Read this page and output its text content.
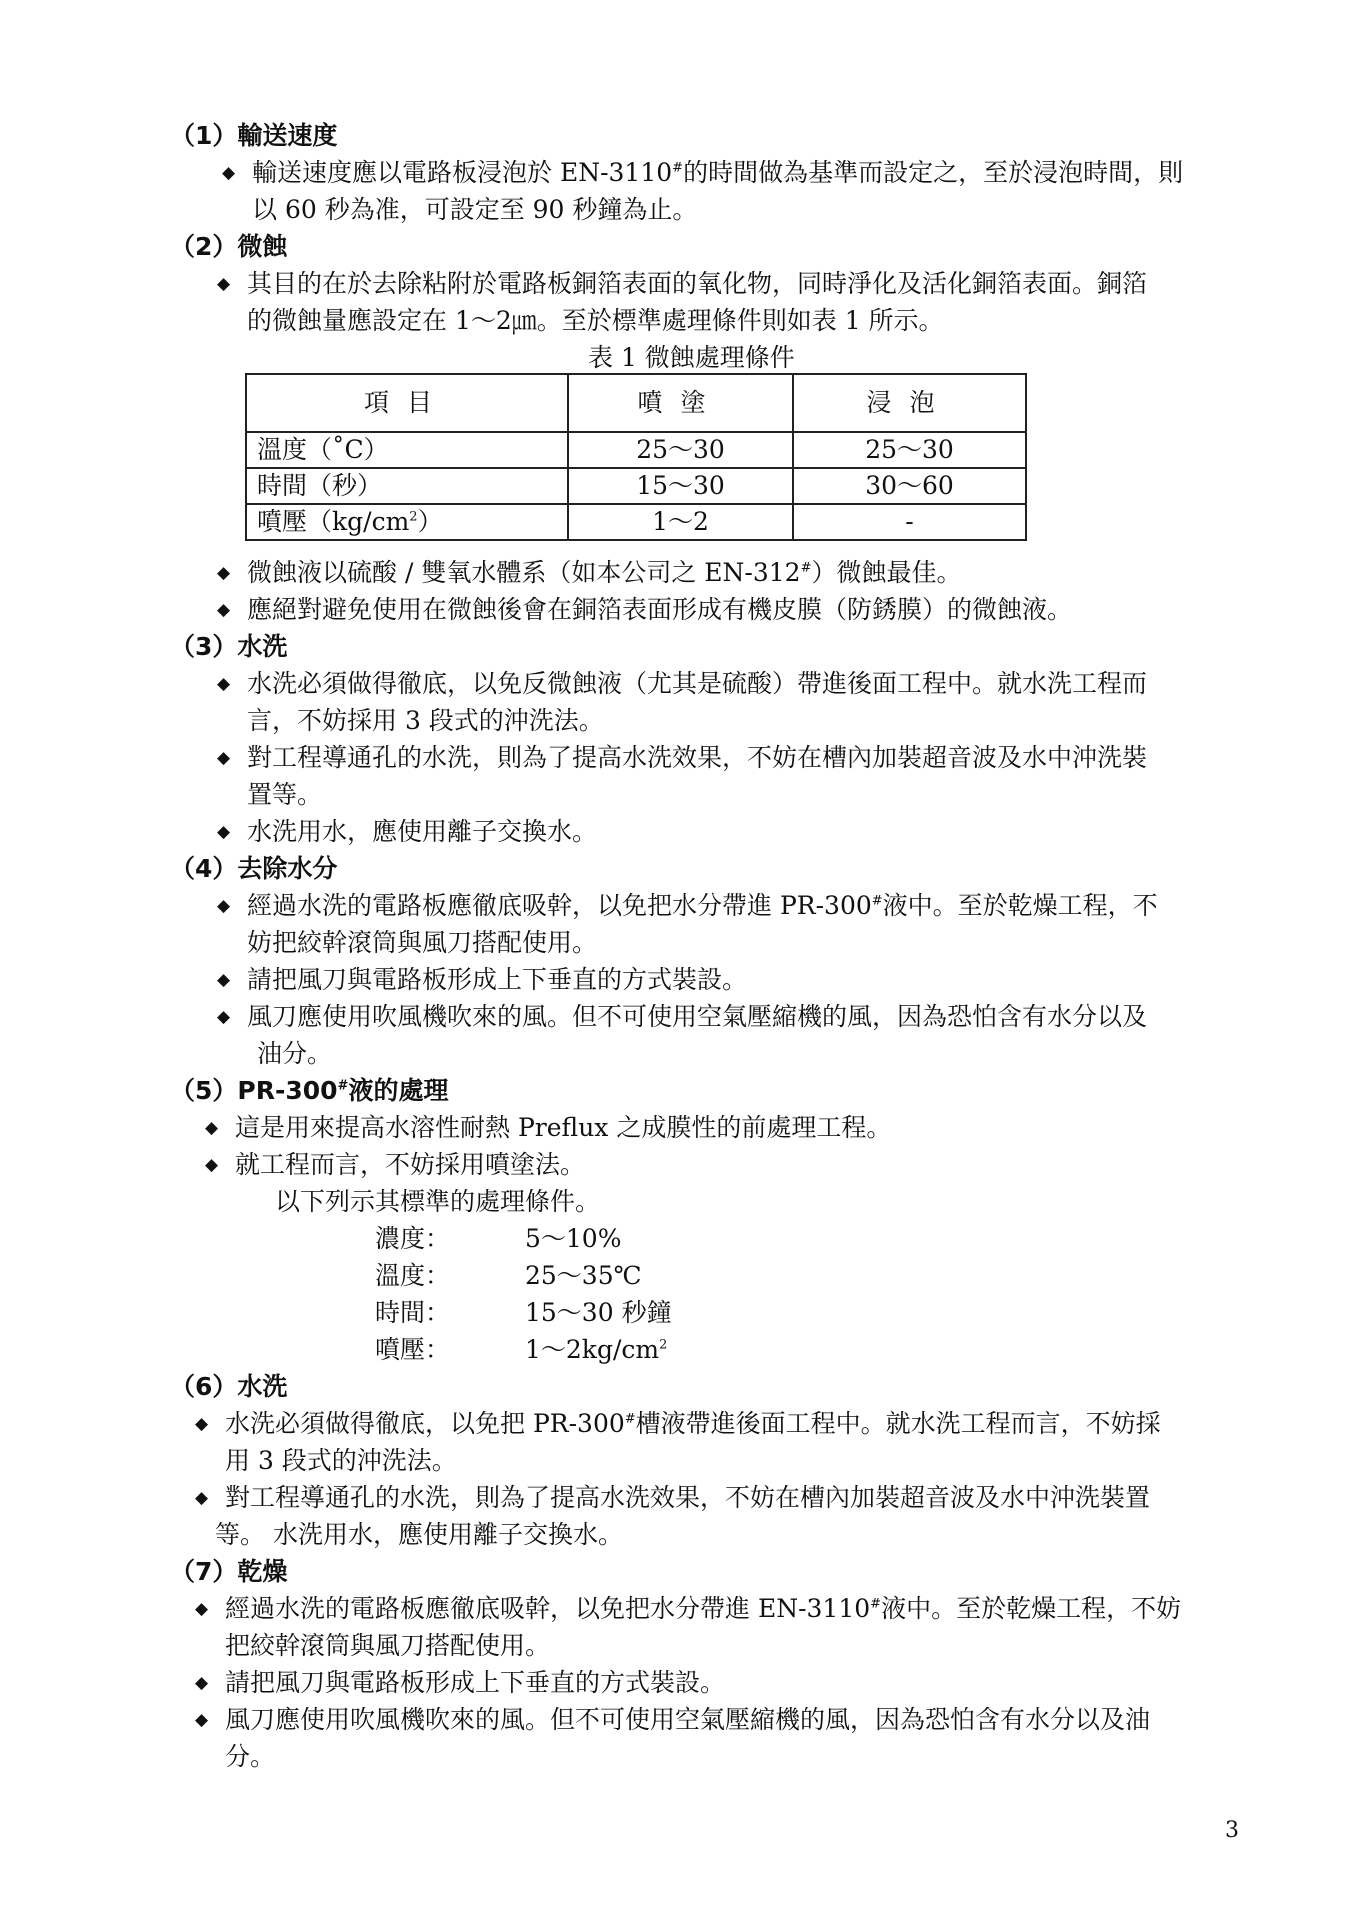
（1）輸送速度
◆ 輸送速度應以電路板浸泡於 EN-3110#的時間做為基準而設定之，至於浸泡時間，則
以 60 秒為准，可設定至 90 秒鐘為止。
（2）微蝕
◆ 其目的在於去除粘附於電路板銅箔表面的氧化物，同時淨化及活化銅箔表面。銅箔
的微蝕量應設定在 1～2㎛。至於標準處理條件則如表 1 所示。
表 1 微蝕處理條件
項目	噴塗	浸泡
溫度（˚C）	25～30	25～30
時間（秒）	15～30	30～60
噴壓$(kg/cm^2)$	1～2	-
◆ 微蝕液以硫酸 / 雙氧水體系（如本公司之 EN-312#）微蝕最佳。
◆ 應絕對避免使用在微蝕後會在銅箔表面形成有機皮膜（防銹膜）的微蝕液。
（3）水洗
◆ 水洗必須做得徹底，以免反微蝕液（尤其是硫酸）帶進後面工程中。就水洗工程而
言，不妨採用 3 段式的沖洗法。
◆ 對工程導通孔的水洗，則為了提高水洗效果，不妨在槽內加裝超音波及水中沖洗裝
置等。
◆ 水洗用水，應使用離子交換水。
（4）去除水分
◆ 經過水洗的電路板應徹底吸幹，以免把水分帶進 PR-300#液中。至於乾燥工程，不
妨把絞幹滾筒與風刀搭配使用。
◆ 請把風刀與電路板形成上下垂直的方式裝設。
◆ 風刀應使用吹風機吹來的風。但不可使用空氣壓縮機的風，因為恐怕含有水分以及
油分。
（5）PR-300#液的處理
◆ 這是用來提高水溶性耐熱 Preflux 之成膜性的前處理工程。
◆ 就工程而言，不妨採用噴塗法。
以下列示其標準的處理條件。
濃度：	5～10%
溫度：	25～35℃
時間：	15～30 秒鐘
噴壓：	$1\sim 2kg/cm^2$
（6）水洗
◆ 水洗必須做得徹底，以免把 PR-300#槽液帶進後面工程中。就水洗工程而言，不妨採
用 3 段式的沖洗法。
◆ 對工程導通孔的水洗，則為了提高水洗效果，不妨在槽內加裝超音波及水中沖洗裝置
等。 水洗用水，應使用離子交換水。
（7）乾燥
◆ 經過水洗的電路板應徹底吸幹，以免把水分帶進 EN-3110#液中。至於乾燥工程，不妨
把絞幹滾筒與風刀搭配使用。
◆ 請把風刀與電路板形成上下垂直的方式裝設。
◆ 風刀應使用吹風機吹來的風。但不可使用空氣壓縮機的風，因為恐怕含有水分以及油
分。
3
